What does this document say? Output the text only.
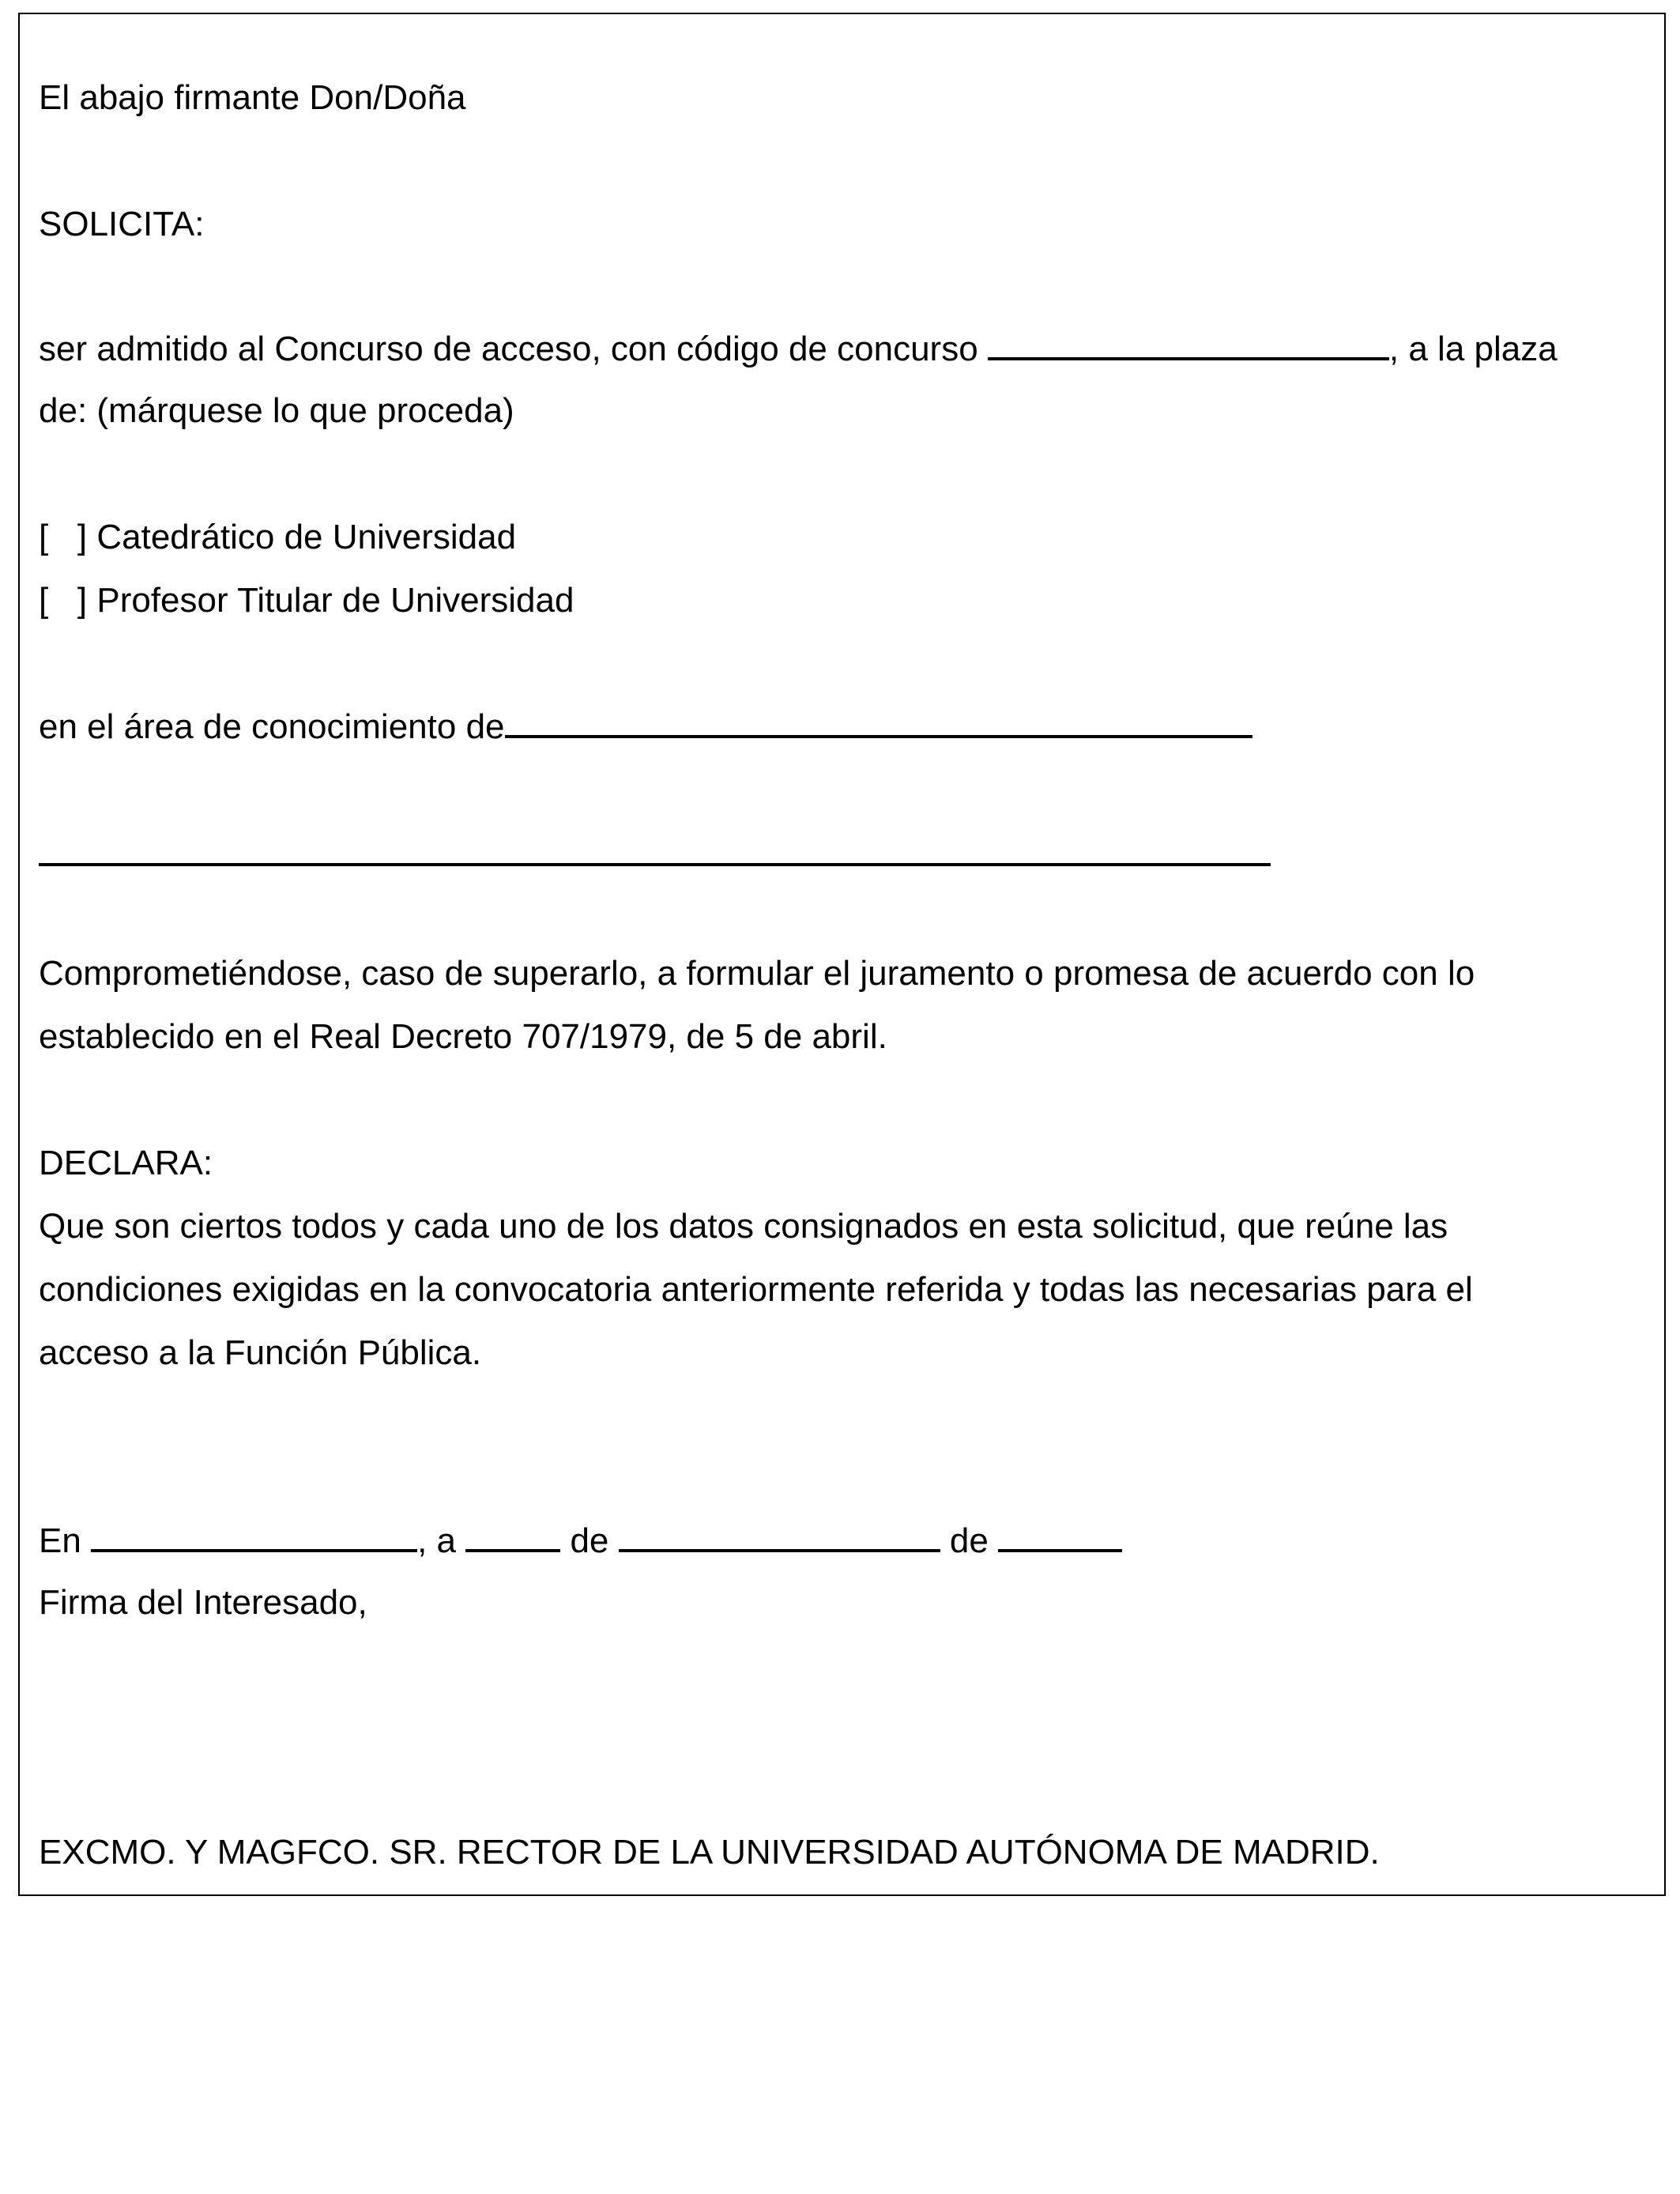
El abajo firmante Don/Doña
SOLICITA:
ser admitido al Concurso de acceso, con código de concurso	, a la plaza
de: (márquese lo que proceda)
[   ] Catedrático de Universidad
[   ] Profesor Titular de Universidad
en el área de conocimiento de
Comprometiéndose, caso de superarlo, a formular el juramento o promesa de acuerdo con lo
establecido en el Real Decreto 707/1979, de 5 de abril.
DECLARA:
Que son ciertos todos y cada uno de los datos consignados en esta solicitud, que reúne las
condiciones exigidas en la convocatoria anteriormente referida y todas las necesarias para el
acceso a la Función Pública.
En	, a	de	de
Firma del Interesado,
EXCMO. Y MAGFCO. SR. RECTOR DE LA UNIVERSIDAD AUTÓNOMA DE MADRID.
